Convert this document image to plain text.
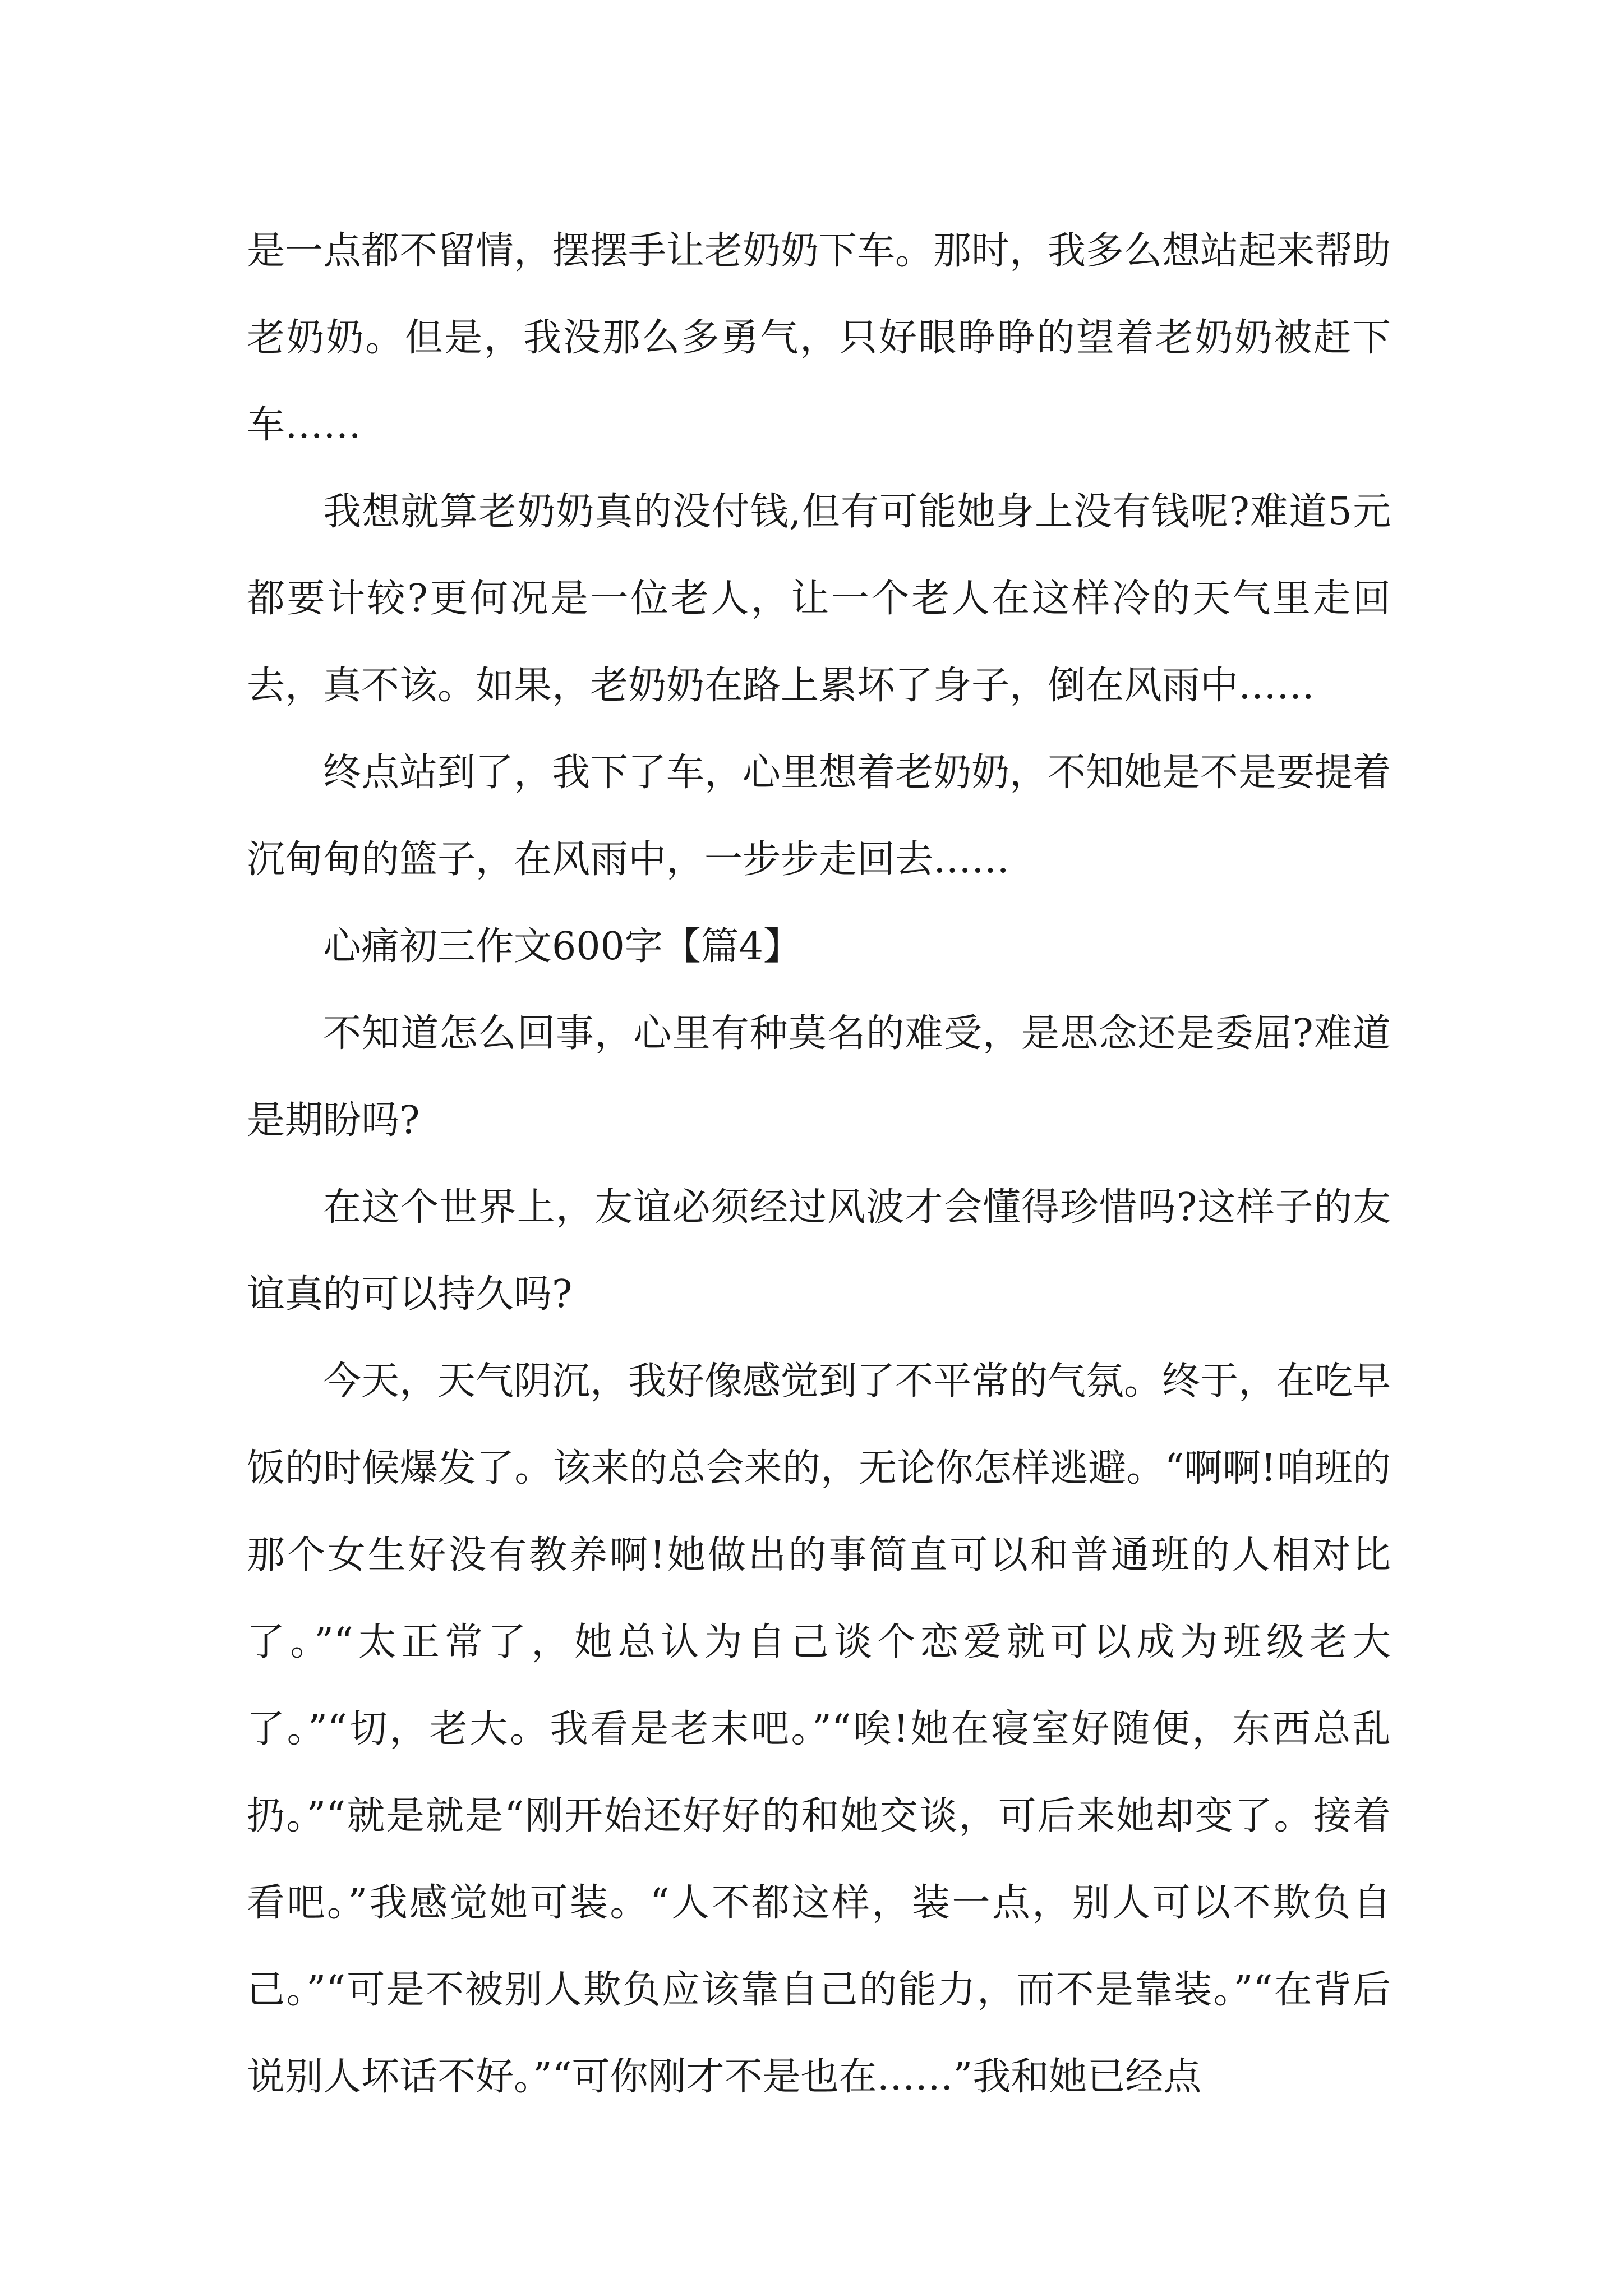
是一点都不留情，摆摆手让老奶奶下车。那时，我多么想站起来帮助老奶奶。但是，我没那么多勇气，只好眼睁睁的望着老奶奶被赶下车……

我想就算老奶奶真的没付钱,但有可能她身上没有钱呢?难道5元都要计较?更何况是一位老人，让一个老人在这样冷的天气里走回去，真不该。如果，老奶奶在路上累坏了身子，倒在风雨中……

终点站到了，我下了车，心里想着老奶奶，不知她是不是要提着沉甸甸的篮子，在风雨中，一步步走回去……

心痛初三作文600字【篇4】

不知道怎么回事，心里有种莫名的难受，是思念还是委屈?难道是期盼吗?

在这个世界上，友谊必须经过风波才会懂得珍惜吗?这样子的友谊真的可以持久吗?

今天，天气阴沉，我好像感觉到了不平常的气氛。终于，在吃早饭的时候爆发了。该来的总会来的，无论你怎样逃避。“啊啊!咱班的那个女生好没有教养啊!她做出的事简直可以和普通班的人相对比了。”“太正常了，她总认为自己谈个恋爱就可以成为班级老大了。”“切，老大。我看是老末吧。”“唉!她在寝室好随便，东西总乱扔。”“就是就是“刚开始还好好的和她交谈，可后来她却变了。接着看吧。”我感觉她可装。“人不都这样，装一点，别人可以不欺负自己。”“可是不被别人欺负应该靠自己的能力，而不是靠装。”“在背后说别人坏话不好。”“可你刚才不是也在……”我和她已经点
